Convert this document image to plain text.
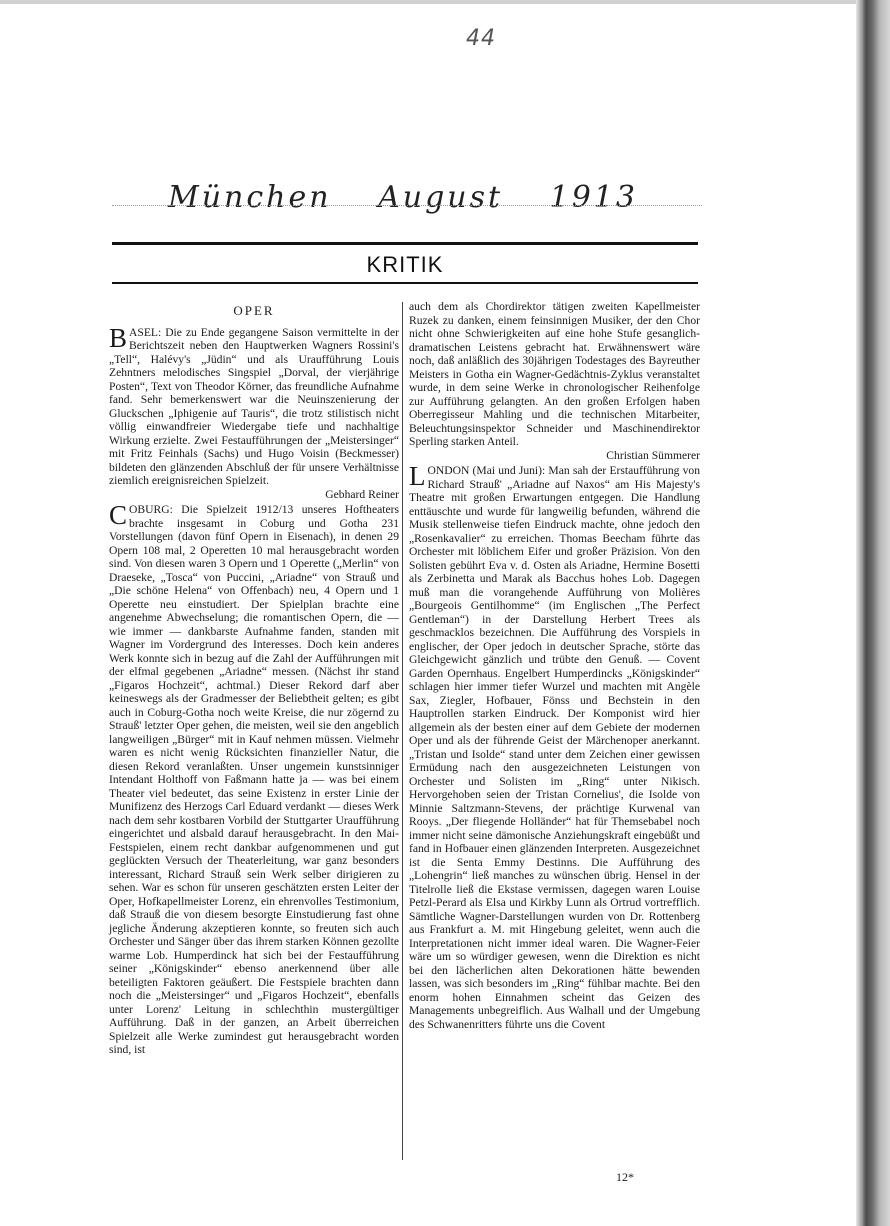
44
München August 1913
KRITIK
OPER

BASEL: Die zu Ende gegangene Saison vermittelte in der Berichtszeit neben den Hauptwerken Wagners Rossini's „Tell“, Halévy's „Jüdin“ und als Uraufführung Louis Zehntners melodisches Singspiel „Dorval, der vierjährige Posten“, Text von Theodor Körner, das freundliche Aufnahme fand. Sehr bemerkenswert war die Neuinszenierung der Gluckschen „Iphigenie auf Tauris“, die trotz stilistisch nicht völlig einwandfreier Wiedergabe tiefe und nachhaltige Wirkung erzielte. Zwei Festaufführungen der „Meistersinger“ mit Fritz Feinhals (Sachs) und Hugo Voisin (Beckmesser) bildeten den glänzenden Abschluß der für unsere Verhältnisse ziemlich ereignisreichen Spielzeit.

Gebhard Reiner

COBURG: Die Spielzeit 1912/13 unseres Hoftheaters brachte insgesamt in Coburg und Gotha 231 Vorstellungen (davon fünf Opern in Eisenach), in denen 29 Opern 108 mal, 2 Operetten 10 mal herausgebracht worden sind. Von diesen waren 3 Opern und 1 Operette („Merlin“ von Draeseke, „Tosca“ von Puccini, „Ariadne“ von Strauß und „Die schöne Helena“ von Offenbach) neu, 4 Opern und 1 Operette neu einstudiert. Der Spielplan brachte eine angenehme Abwechselung; die romantischen Opern, die — wie immer — dankbarste Aufnahme fanden, standen mit Wagner im Vordergrund des Interesses. Doch kein anderes Werk konnte sich in bezug auf die Zahl der Aufführungen mit der elfmal gegebenen „Ariadne“ messen. (Nächst ihr stand „Figaros Hochzeit“, achtmal.) Dieser Rekord darf aber keineswegs als der Gradmesser der Beliebtheit gelten; es gibt auch in Coburg-Gotha noch weite Kreise, die nur zögernd zu Strauß' letzter Oper gehen, die meisten, weil sie den angeblich langweiligen „Bürger“ mit in Kauf nehmen müssen. Vielmehr waren es nicht wenig Rücksichten finanzieller Natur, die diesen Rekord veranlaßten. Unser ungemein kunstsinniger Intendant Holthoff von Faßmann hatte ja — was bei einem Theater viel bedeutet, das seine Existenz in erster Linie der Munifizenz des Herzogs Carl Eduard verdankt — dieses Werk nach dem sehr kostbaren Vorbild der Stuttgarter Uraufführung eingerichtet und alsbald darauf herausgebracht. In den Mai-Festspielen, einem recht dankbar aufgenommenen und gut geglückten Versuch der Theaterleitung, war ganz besonders interessant, Richard Strauß sein Werk selber dirigieren zu sehen. War es schon für unseren geschätzten ersten Leiter der Oper, Hofkapellmeister Lorenz, ein ehrenvolles Testimonium, daß Strauß die von diesem besorgte Einstudierung fast ohne jegliche Änderung akzeptieren konnte, so freuten sich auch Orchester und Sänger über das ihrem starken Können gezollte warme Lob. Humperdinck hat sich bei der Festaufführung seiner „Königskinder“ ebenso anerkennend über alle beteiligten Faktoren geäußert. Die Festspiele brachten dann noch die „Meistersinger“ und „Figaros Hochzeit“, ebenfalls unter Lorenz' Leitung in schlechthin mustergültiger Aufführung. Daß in der ganzen, an Arbeit überreichen Spielzeit alle Werke zumindest gut herausgebracht worden sind, ist

auch dem als Chordirektor tätigen zweiten Kapellmeister Ruzek zu danken, einem feinsinnigen Musiker, der den Chor nicht ohne Schwierigkeiten auf eine hohe Stufe gesanglich-dramatischen Leistens gebracht hat. Erwähnenswert wäre noch, daß anläßlich des 30jährigen Todestages des Bayreuther Meisters in Gotha ein Wagner-Gedächtnis-Zyklus veranstaltet wurde, in dem seine Werke in chronologischer Reihenfolge zur Aufführung gelangten. An den großen Erfolgen haben Oberregisseur Mahling und die technischen Mitarbeiter, Beleuchtungsinspektor Schneider und Maschinendirektor Sperling starken Anteil.

Christian Sümmerer

LONDON (Mai und Juni): Man sah der Erstaufführung von Richard Strauß' „Ariadne auf Naxos“ am His Majesty's Theatre mit großen Erwartungen entgegen. Die Handlung enttäuschte und wurde für langweilig befunden, während die Musik stellenweise tiefen Eindruck machte, ohne jedoch den „Rosenkavalier“ zu erreichen. Thomas Beecham führte das Orchester mit löblichem Eifer und großer Präzision. Von den Solisten gebührt Eva v. d. Osten als Ariadne, Hermine Bosetti als Zerbinetta und Marak als Bacchus hohes Lob. Dagegen muß man die vorangehende Aufführung von Molières „Bourgeois Gentilhomme“ (im Englischen „The Perfect Gentleman“) in der Darstellung Herbert Trees als geschmacklos bezeichnen. Die Aufführung des Vorspiels in englischer, der Oper jedoch in deutscher Sprache, störte das Gleichgewicht gänzlich und trübte den Genuß. — Covent Garden Opernhaus. Engelbert Humperdincks „Königskinder“ schlagen hier immer tiefer Wurzel und machten mit Angèle Sax, Ziegler, Hofbauer, Fönss und Bechstein in den Hauptrollen starken Eindruck. Der Komponist wird hier allgemein als der besten einer auf dem Gebiete der modernen Oper und als der führende Geist der Märchenoper anerkannt. „Tristan und Isolde“ stand unter dem Zeichen einer gewissen Ermüdung nach den ausgezeichneten Leistungen von Orchester und Solisten im „Ring“ unter Nikisch. Hervorgehoben seien der Tristan Cornelius', die Isolde von Minnie Saltzmann-Stevens, der prächtige Kurwenal van Rooys. „Der fliegende Holländer“ hat für Themsebabel noch immer nicht seine dämonische Anziehungskraft eingebüßt und fand in Hofbauer einen glänzenden Interpreten. Ausgezeichnet ist die Senta Emmy Destinns. Die Aufführung des „Lohengrin“ ließ manches zu wünschen übrig. Hensel in der Titelrolle ließ die Ekstase vermissen, dagegen waren Louise Petzl-Perard als Elsa und Kirkby Lunn als Ortrud vortrefflich. Sämtliche Wagner-Darstellungen wurden von Dr. Rottenberg aus Frankfurt a. M. mit Hingebung geleitet, wenn auch die Interpretationen nicht immer ideal waren. Die Wagner-Feier wäre um so würdiger gewesen, wenn die Direktion es nicht bei den lächerlichen alten Dekorationen hätte bewenden lassen, was sich besonders im „Ring“ fühlbar machte. Bei den enorm hohen Einnahmen scheint das Geizen des Managements unbegreiflich. Aus Walhall und der Umgebung des Schwanenritters führte uns die Covent

12*
